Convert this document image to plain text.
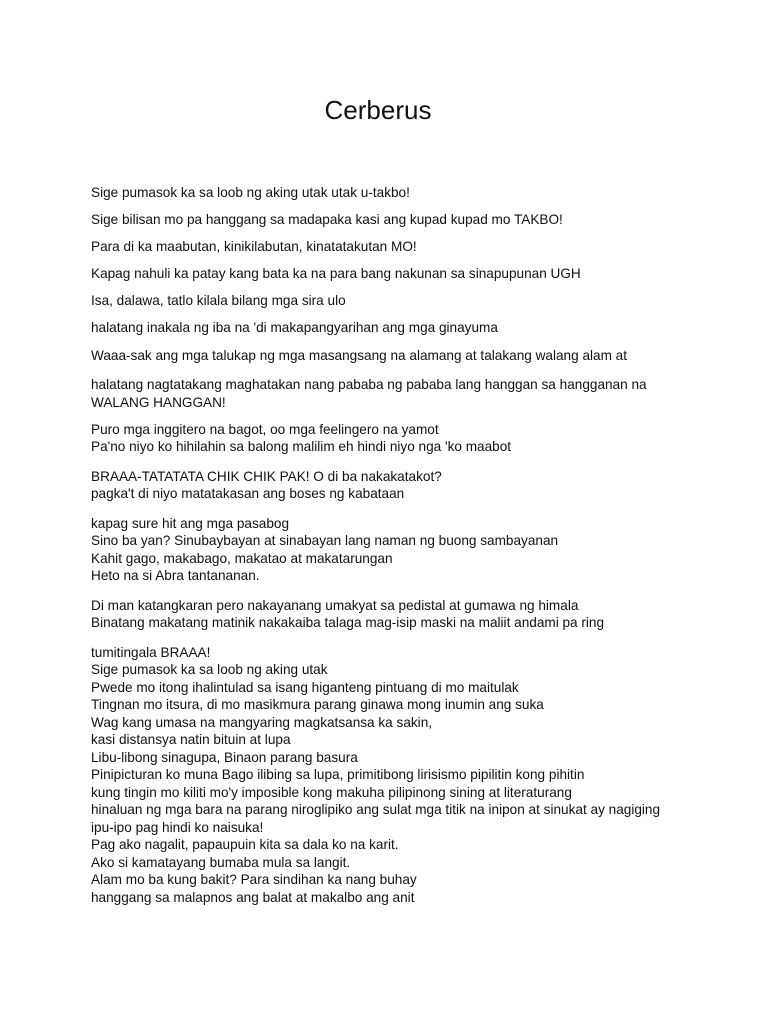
Cerberus
Sige pumasok ka sa loob ng aking utak utak u-takbo!
Sige bilisan mo pa hanggang sa madapaka kasi ang kupad kupad mo TAKBO!
Para di ka maabutan, kinikilabutan, kinatatakutan MO!
Kapag nahuli ka patay kang bata ka na para bang nakunan sa sinapupunan UGH
Isa, dalawa, tatlo kilala bilang mga sira ulo
halatang inakala ng iba na 'di makapangyarihan ang mga ginayuma
Waaa-sak ang mga talukap ng mga masangsang na alamang at talakang walang alam at
halatang nagtatakang maghatakan nang pababa ng pababa lang hanggan sa hangganan na
WALANG HANGGAN!
Puro mga inggitero na bagot, oo mga feelingero na yamot
Pa'no niyo ko hihilahin sa balong malilim eh hindi niyo nga 'ko maabot
BRAAA-TATATATA CHIK CHIK PAK! O di ba nakakatakot?
pagka't di niyo matatakasan ang boses ng kabataan
kapag sure hit ang mga pasabog
Sino ba yan? Sinubaybayan at sinabayan lang naman ng buong sambayanan
Kahit gago, makabago, makatao at makatarungan
Heto na si Abra tantananan.
Di man katangkaran pero nakayanang umakyat sa pedistal at gumawa ng himala
Binatang makatang matinik nakakaiba talaga mag-isip maski na maliit andami pa ring
tumitingala BRAAA!
Sige pumasok ka sa loob ng aking utak
Pwede mo itong ihalintulad sa isang higanteng pintuang di mo maitulak
Tingnan mo itsura, di mo masikmura parang ginawa mong inumin ang suka
Wag kang umasa na mangyaring magkatsansa ka sakin,
kasi distansya natin bituin at lupa
Libu-libong sinagupa, Binaon parang basura
Pinipicturan ko muna Bago ilibing sa lupa, primitibong lirisismo pipilitin kong pihitin
kung tingin mo kiliti mo'y imposible kong makuha pilipinong sining at literaturang
hinaluan ng mga bara na parang niroglipiko ang sulat mga titik na inipon at sinukat ay nagiging
ipu-ipo pag hindi ko naisuka!
Pag ako nagalit, papaupuin kita sa dala ko na karit.
Ako si kamatayang bumaba mula sa langit.
Alam mo ba kung bakit? Para sindihan ka nang buhay
hanggang sa malapnos ang balat at makalbo ang anit
